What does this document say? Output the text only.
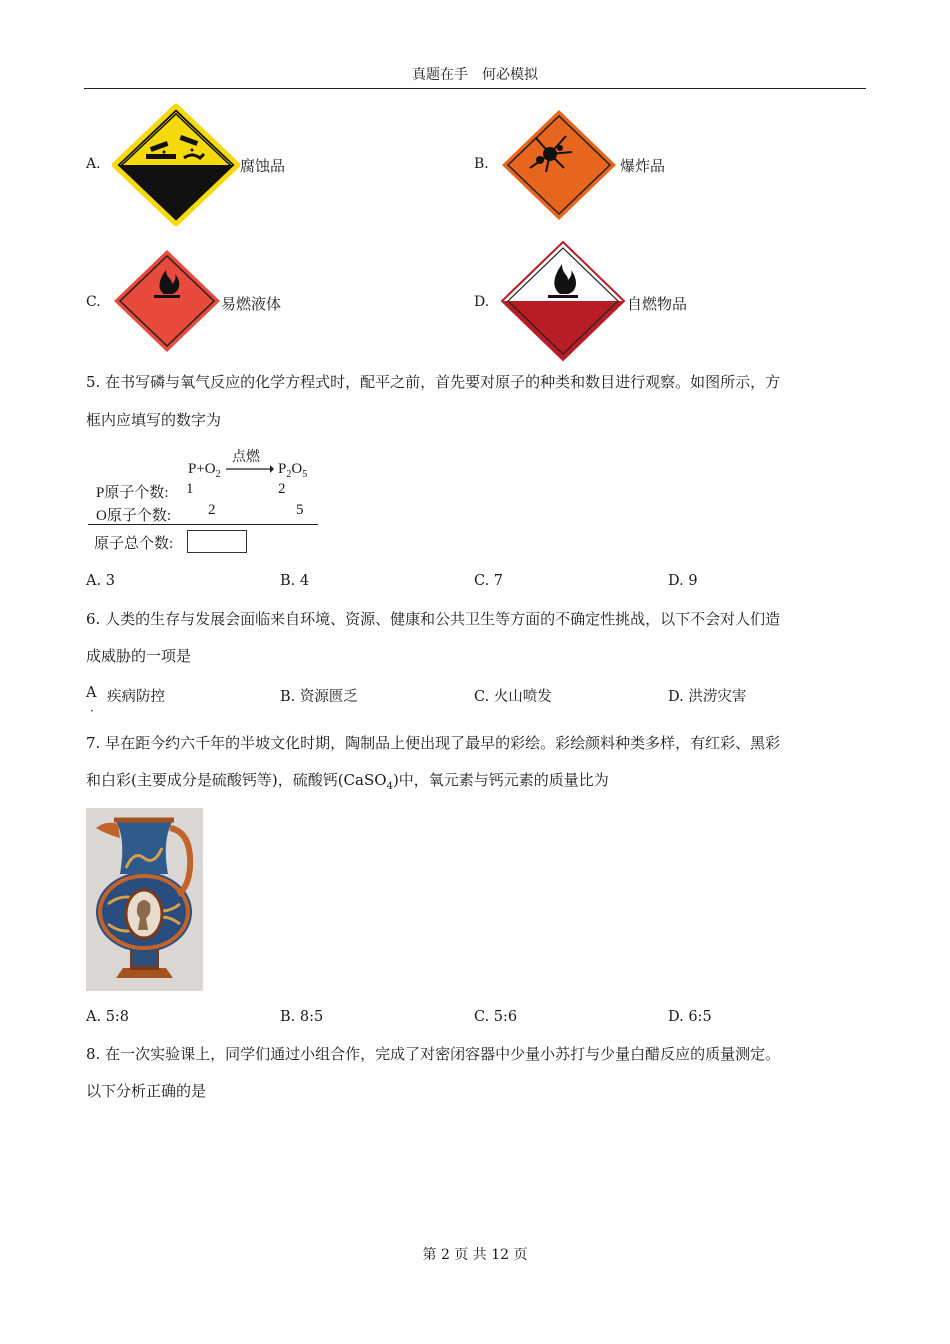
真题在手　何必模拟
A.	腐蚀品	B.	爆炸品
C.	易燃液体	D.	自燃物品
5. 在书写磷与氧气反应的化学方程式时，配平之前，首先要对原子的种类和数目进行观察。如图所示，方
框内应填写的数字为
$P+O_2$
点燃
→ $P_2O_5$
P原子个数: 1	2
O原子个数: 2	5
原子总个数:
A. 3	B. 4	C. 7	D. 9
6. 人类的生存与发展会面临来自环境、资源、健康和公共卫生等方面的不确定性挑战，以下不会对人们造
成威胁的一项是
A
．
疾病防控	B. 资源匮乏	C. 火山喷发	D. 洪涝灾害
7. 早在距今约六千年的半坡文化时期，陶制品上便出现了最早的彩绘。彩绘颜料种类多样，有红彩、黑彩
和白彩(主要成分是硫酸钙等)，硫酸钙(CaSO$_4$)中，氧元素与钙元素的质量比为
A. 5:8	B. 8:5	C. 5:6	D. 6:5
8. 在一次实验课上，同学们通过小组合作，完成了对密闭容器中少量小苏打与少量白醋反应的质量测定。
以下分析正确的是
第 2 页 共 12 页
